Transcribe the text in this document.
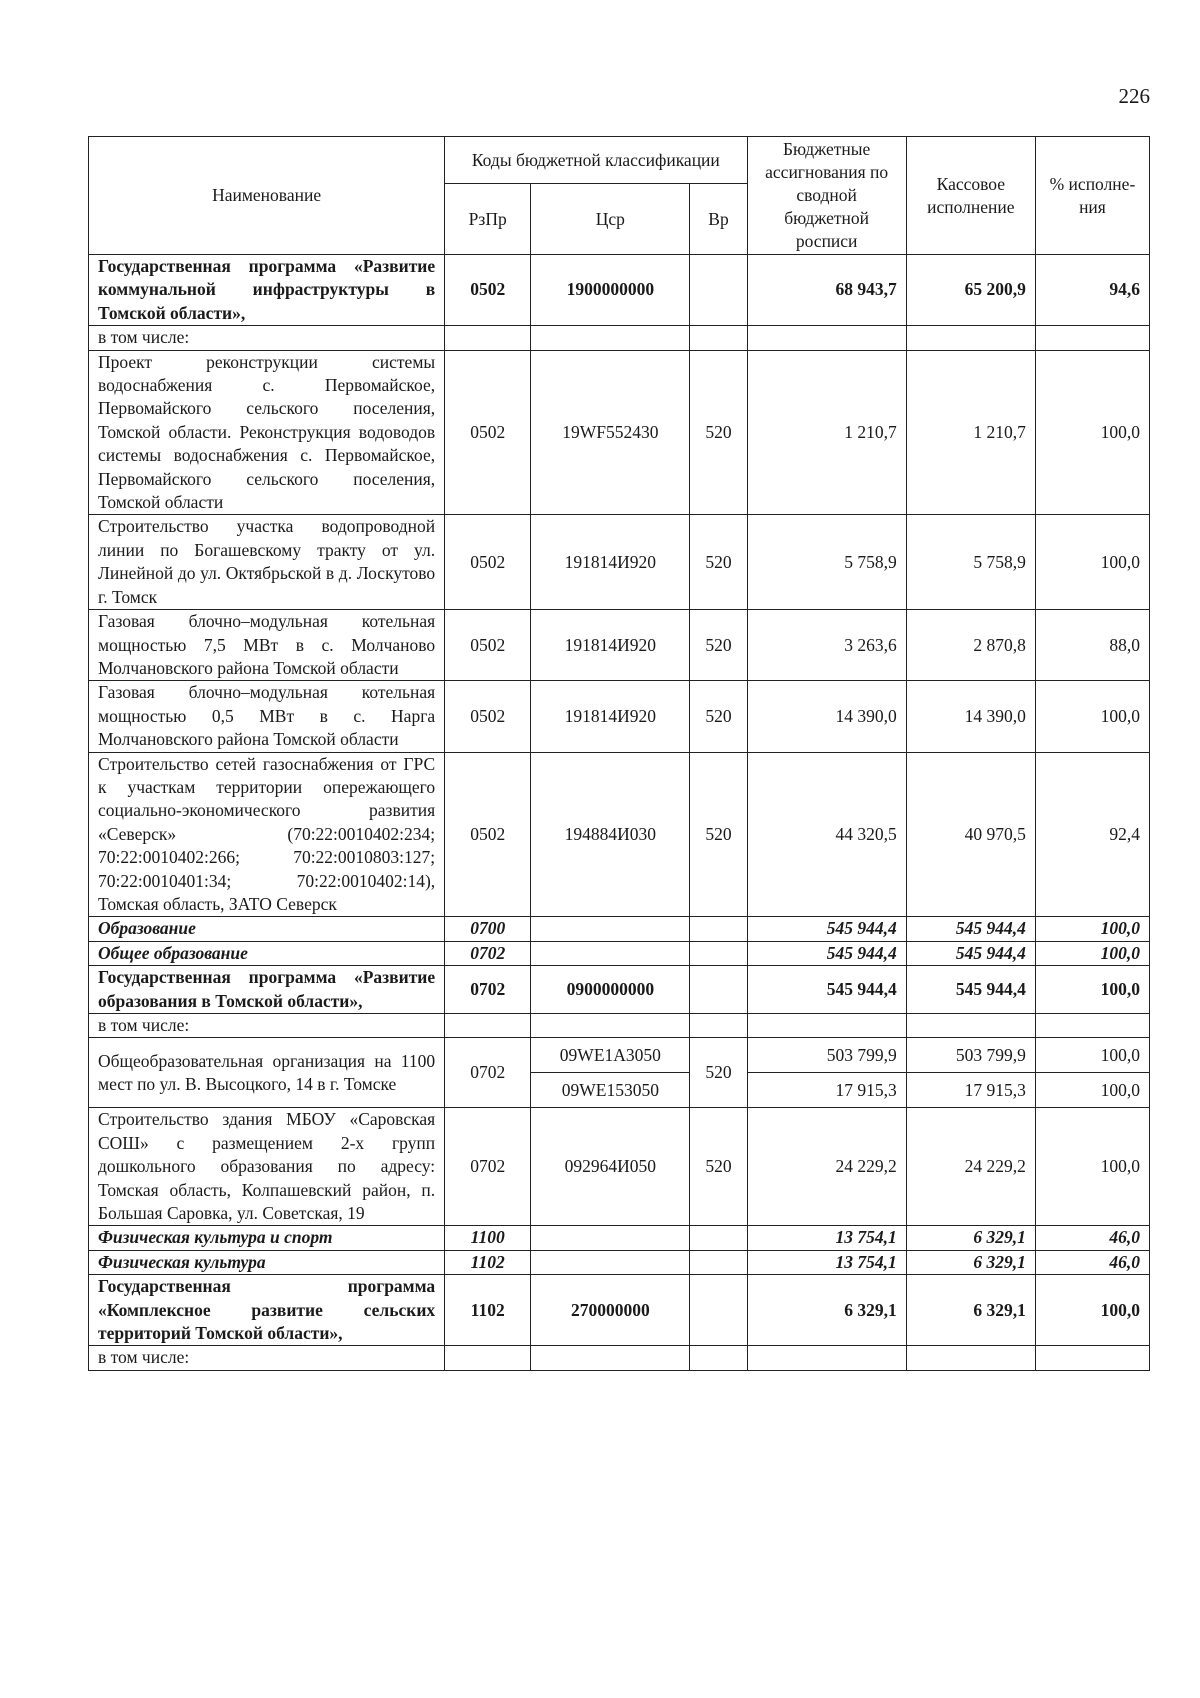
226
Наименование	Коды бюджетной классификации			Бюджетные ассигнования по сводной бюджетной росписи	Кассовое исполнение	% исполне-ния
	РзПр	Цср	Вр			
Государственная программа «Развитие коммунальной инфраструктуры в Томской области»,	0502	1900000000		68 943,7	65 200,9	94,6
в том числе:						
Проект реконструкции системы водоснабжения с. Первомайское, Первомайского сельского поселения, Томской области. Реконструкция водоводов системы водоснабжения с. Первомайское, Первомайского сельского поселения, Томской области	0502	19WF552430	520	1 210,7	1 210,7	100,0
Строительство участка водопроводной линии по Богашевскому тракту от ул. Линейной до ул. Октябрьской в д. Лоскутово г. Томск	0502	191814И920	520	5 758,9	5 758,9	100,0
Газовая блочно–модульная котельная мощностью 7,5 МВт в с. Молчаново Молчановского района Томской области	0502	191814И920	520	3 263,6	2 870,8	88,0
Газовая блочно–модульная котельная мощностью 0,5 МВт в с. Нарга Молчановского района Томской области	0502	191814И920	520	14 390,0	14 390,0	100,0
Строительство сетей газоснабжения от ГРС к участкам территории опережающего социально-экономического развития «Северск» (70:22:0010402:234; 70:22:0010402:266; 70:22:0010803:127; 70:22:0010401:34; 70:22:0010402:14), Томская область, ЗАТО Северск	0502	194884И030	520	44 320,5	40 970,5	92,4
Образование	0700			545 944,4	545 944,4	100,0
Общее образование	0702			545 944,4	545 944,4	100,0
Государственная программа «Развитие образования в Томской области»,	0702	0900000000		545 944,4	545 944,4	100,0
в том числе:						
Общеобразовательная организация на 1100 мест по ул. В. Высоцкого, 14 в г. Томске	0702	09WE1A3050	520	503 799,9	503 799,9	100,0
		09WE153050		17 915,3	17 915,3	100,0
Строительство здания МБОУ «Саровская СОШ» с размещением 2-х групп дошкольного образования по адресу: Томская область, Колпашевский район, п. Большая Саровка, ул. Советская, 19	0702	092964И050	520	24 229,2	24 229,2	100,0
Физическая культура и спорт	1100			13 754,1	6 329,1	46,0
Физическая культура	1102			13 754,1	6 329,1	46,0
Государственная программа «Комплексное развитие сельских территорий Томской области»,	1102	270000000		6 329,1	6 329,1	100,0
в том числе:						
